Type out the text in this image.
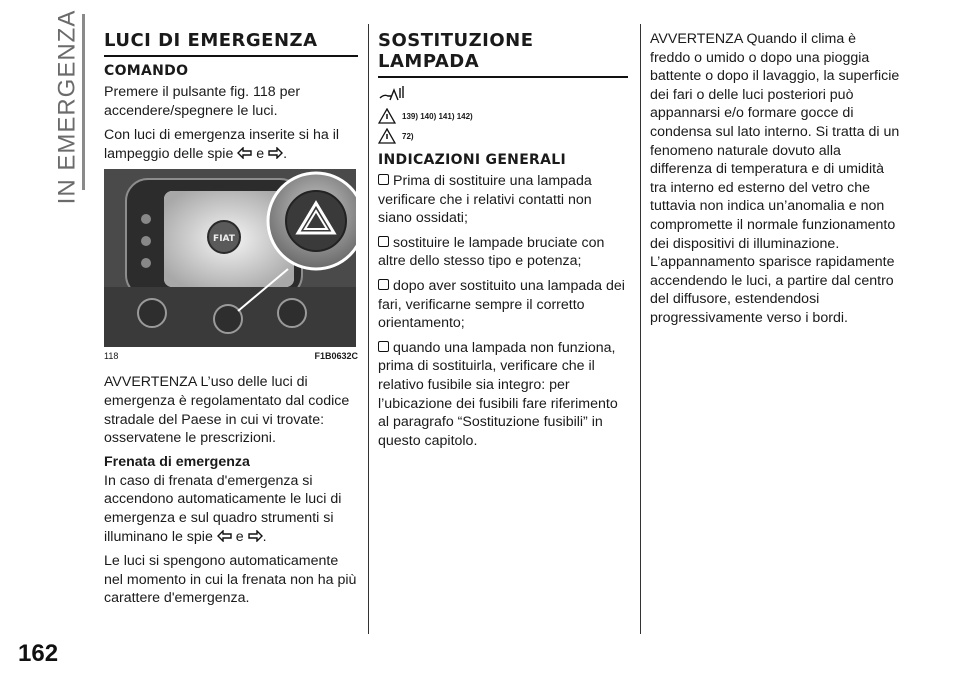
IN EMERGENZA
162
LUCI DI EMERGENZA
COMANDO

Premere il pulsante fig. 118 per accendere/spegnere le luci.

Con luci di emergenza inserite si ha il lampeggio delle spie e .

FIAT
118	F1B0632C

AVVERTENZA L’uso delle luci di emergenza è regolamentato dal codice stradale del Paese in cui vi trovate: osservatene le prescrizioni.

Frenata di emergenza

In caso di frenata d'emergenza si accendono automaticamente le luci di emergenza e sul quadro strumenti si illuminano le spie e .

Le luci si spengono automaticamente nel momento in cui la frenata non ha più carattere d'emergenza.

SOSTITUZIONE LAMPADA
139) 140) 141) 142)
72)
INDICAZIONI GENERALI

Prima di sostituire una lampada verificare che i relativi contatti non siano ossidati;

sostituire le lampade bruciate con altre dello stesso tipo e potenza;

dopo aver sostituito una lampada dei fari, verificarne sempre il corretto orientamento;

quando una lampada non funziona, prima di sostituirla, verificare che il relativo fusibile sia integro: per l’ubicazione dei fusibili fare riferimento al paragrafo “Sostituzione fusibili” in questo capitolo.

AVVERTENZA Quando il clima è freddo o umido o dopo una pioggia battente o dopo il lavaggio, la superficie dei fari o delle luci posteriori può appannarsi e/o formare gocce di condensa sul lato interno. Si tratta di un fenomeno naturale dovuto alla differenza di temperatura e di umidità tra interno ed esterno del vetro che tuttavia non indica un’anomalia e non compromette il normale funzionamento dei dispositivi di illuminazione. L’appannamento sparisce rapidamente accendendo le luci, a partire dal centro del diffusore, estendendosi progressivamente verso i bordi.
